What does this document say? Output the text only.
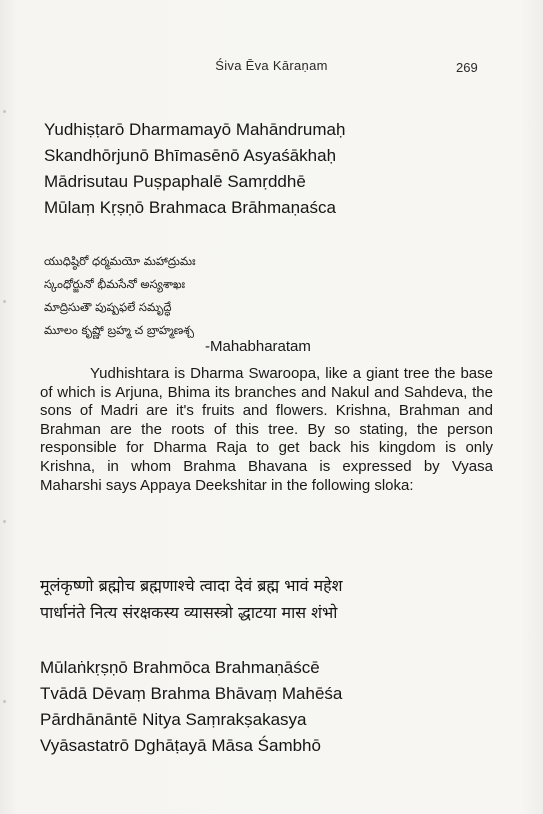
Śiva Ēva Kāraṇam	269
Yudhiṣṭarō Dharmamayō Mahāndrumaḥ
Skandhōrjunō Bhīmasēnō Asyaśākhaḥ
Mādrisutau Puṣpaphalē Samṛddhē
Mūlaṃ Kṛṣṇō Brahmaca Brāhmaṇaśca
యుధిష్ఠిరో ధర్మమయో మహాద్రుమః
స్కంధోర్జునో భీమసేనో అస్యశాఖః
మాద్రిసుతౌ పుష్పఫలే సమృద్ధే
మూలం కృష్ణో బ్రహ్మ చ బ్రాహ్మణశ్చ
-Mahabharatam
Yudhishtara is Dharma Swaroopa, like a giant tree the base of which is Arjuna, Bhima its branches and Nakul and Sahdeva, the sons of Madri are it's fruits and flowers. Krishna, Brahman and Brahman are the roots of this tree. By so stating, the person responsible for Dharma Raja to get back his kingdom is only Krishna, in whom Brahma Bhavana is expressed by Vyasa Maharshi says Appaya Deekshitar in the following sloka:
मूलंकृष्णो ब्रह्मोच ब्रह्मणाश्चे त्वादा देवं ब्रह्म भावं महेश
पार्धानंते नित्य संरक्षकस्य व्यासस्त्रो द्धाटया मास शंभो
Mūlaṅkṛṣṇō Brahmōca Brahmaṇāścē
Tvādā Dēvaṃ Brahma Bhāvaṃ Mahēśa
Pārdhānāntē Nitya Saṃrakṣakasya
Vyāsastatrō Dghāṭayā Māsa Śambhō
